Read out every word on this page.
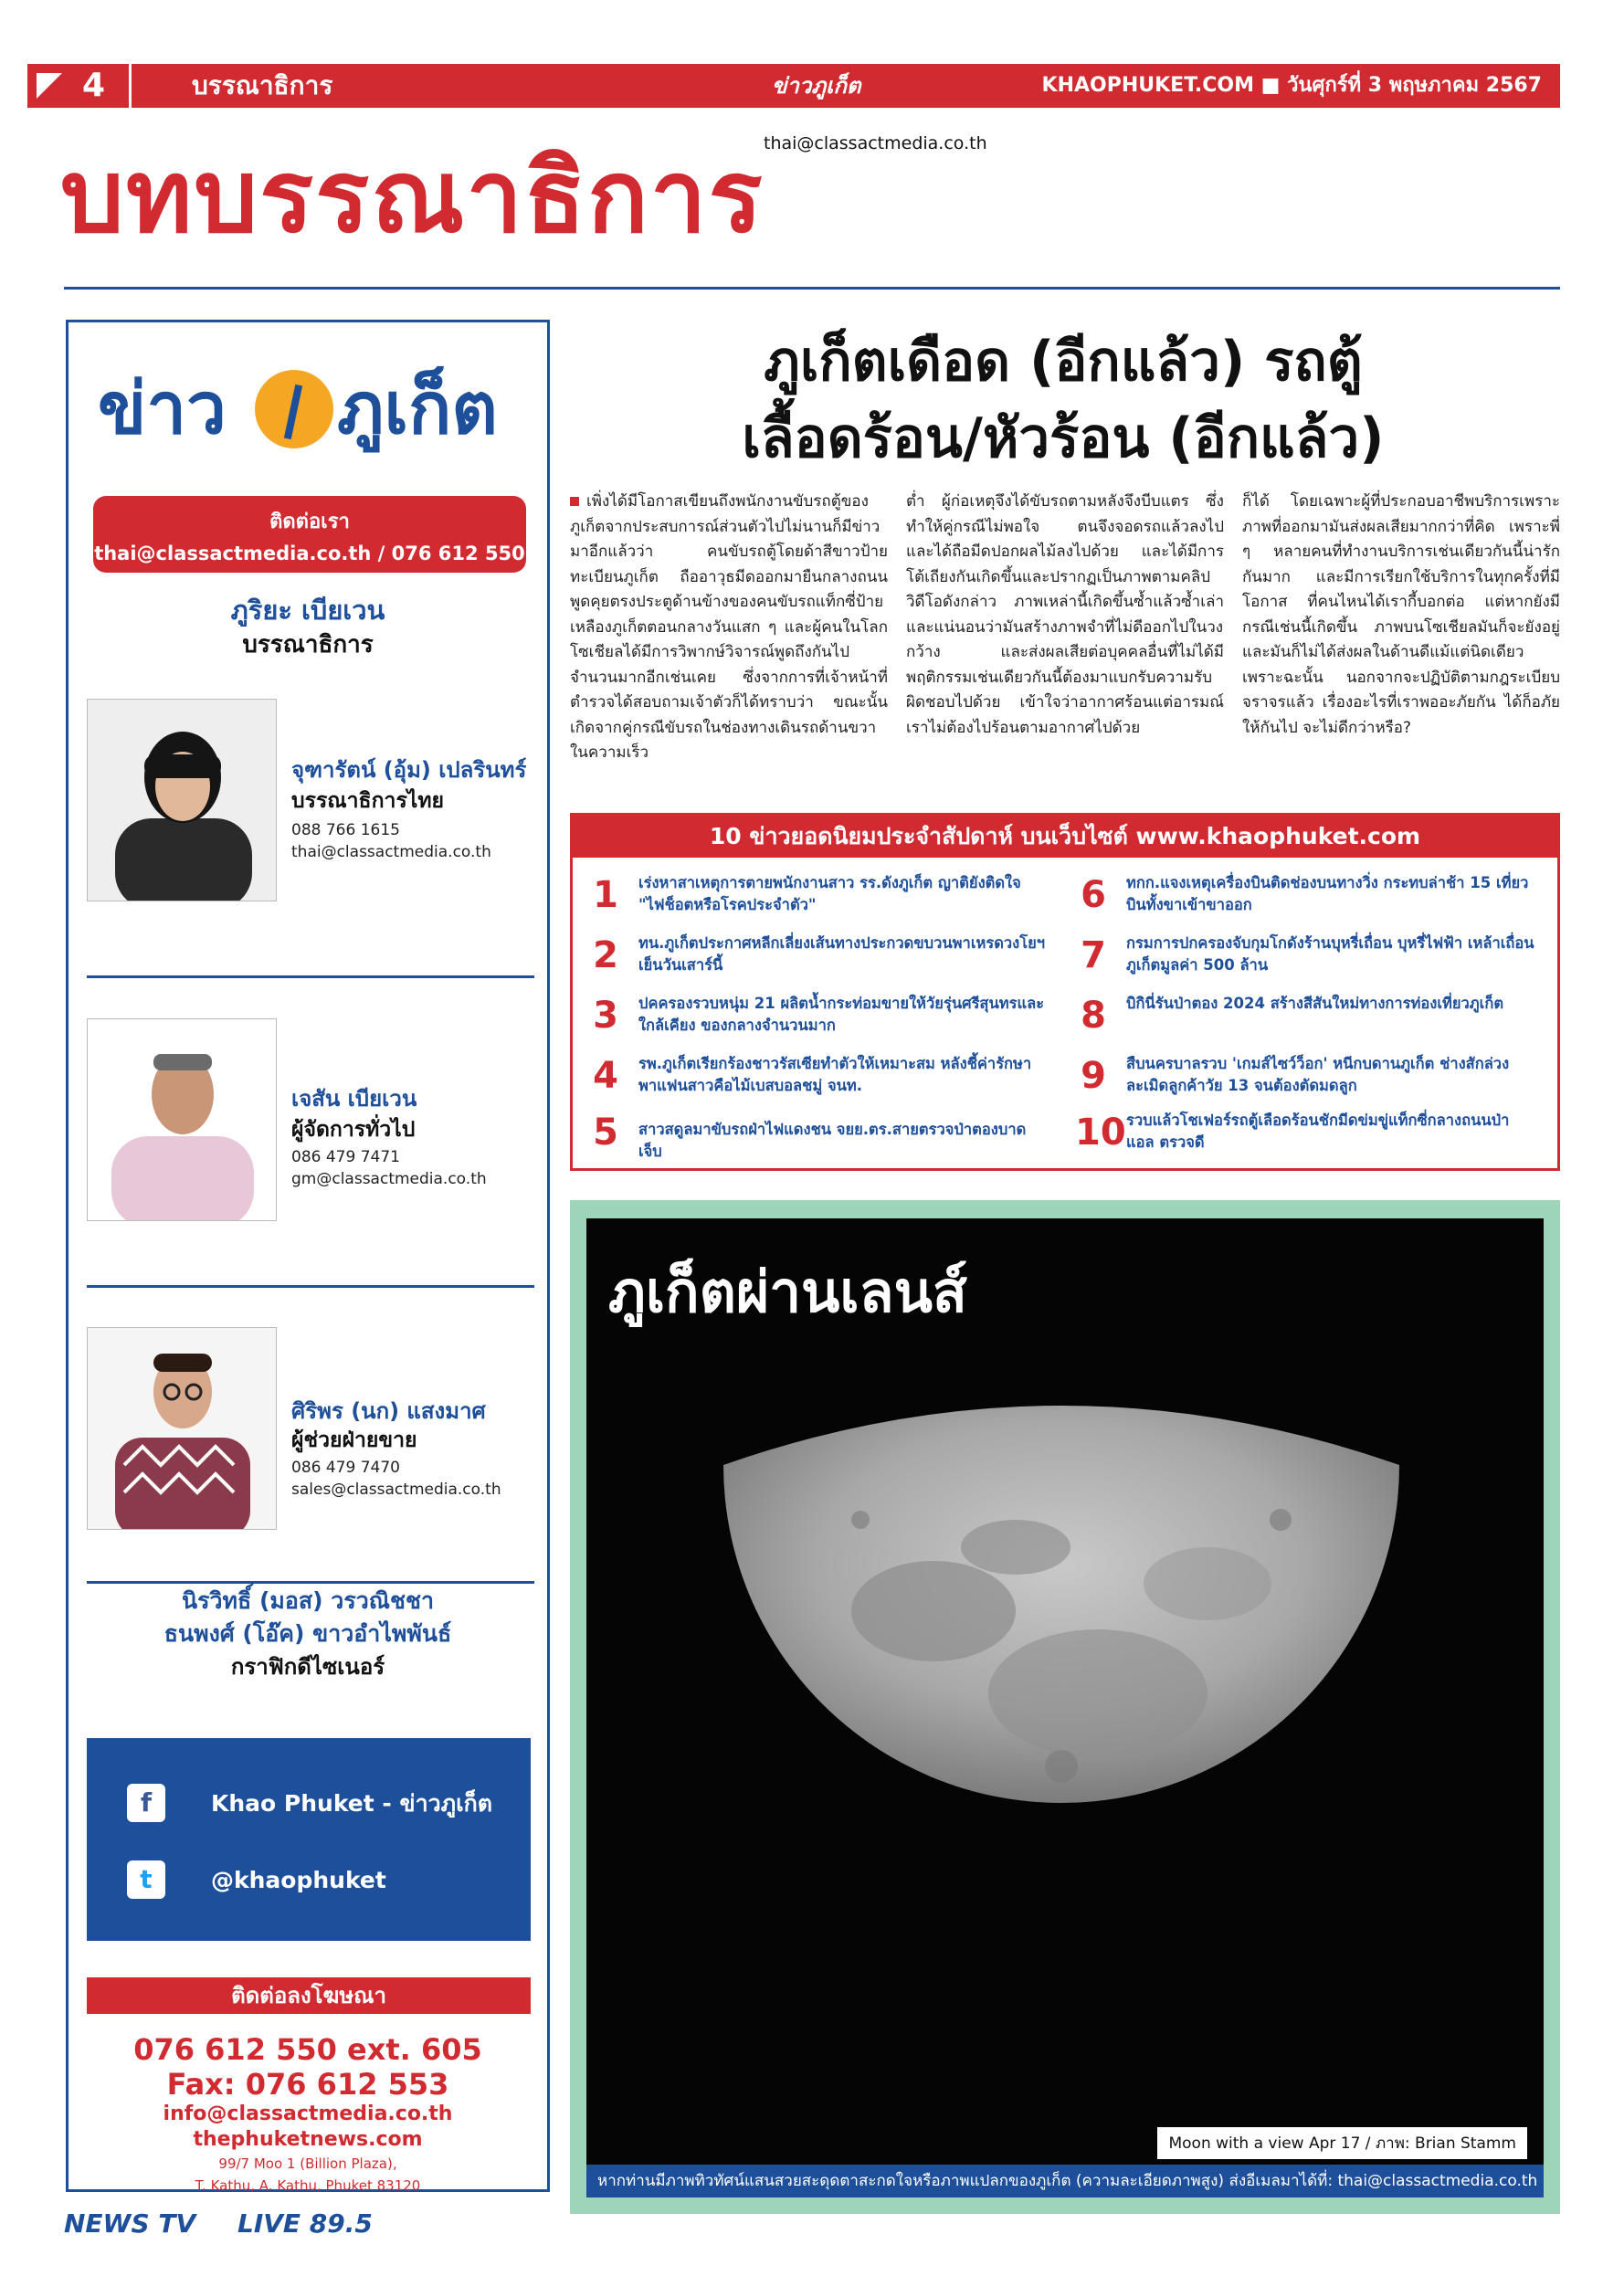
4	บรรณาธิการ	ข่าวภูเก็ต	KHAOPHUKET.COM ■ วันศุกร์ที่ 3 พฤษภาคม 2567
thai@classactmedia.co.th
บทบรรณาธิการ
ข่าว ภูเก็ต
ติดต่อเรา
thai@classactmedia.co.th / 076 612 550
ภูริยะ เบียเวน
บรรณาธิการ
จุฑารัตน์ (อุ้ม) เปลรินทร์
บรรณาธิการไทย
088 766 1615
thai@classactmedia.co.th
เจสัน เบียเวน
ผู้จัดการทั่วไป
086 479 7471
gm@classactmedia.co.th
ศิริพร (นก) แสงมาศ
ผู้ช่วยฝ่ายขาย
086 479 7470
sales@classactmedia.co.th
นิรวิทธิ์ (มอส) วรวณิชชา
ธนพงศ์ (โอ๊ค) ขาวอำไพพันธ์
กราฟิกดีไซเนอร์
f	Khao Phuket - ข่าวภูเก็ต
t	@khaophuket
ติดต่อลงโฆษณา
076 612 550 ext. 605
Fax: 076 612 553
info@classactmedia.co.th
thephuketnews.com
99/7 Moo 1 (Billion Plaza),
T. Kathu, A. Kathu, Phuket 83120
NEWS TV LIVE 89.5
ภูเก็ตเดือด (อีกแล้ว) รถตู้
เลื้อดร้อน/หัวร้อน (อีกแล้ว)
เพิ่งได้มีโอกาสเขียนถึงพนักงานขับรถตู้ของภูเก็ตจากประสบการณ์ส่วนตัวไปไม่นานก็มีข่าวมาอีกแล้วว่า คนขับรถตู้โดยด้าสีขาวป้ายทะเบียนภูเก็ต ถืออาวุธมีดออกมายืนกลางถนนพูดคุยตรงประตูด้านข้างของคนขับรถแท็กซี่ป้ายเหลืองภูเก็ตตอนกลางวันแสก ๆ และผู้คนในโลกโซเชียลได้มีการวิพากษ์วิจารณ์พูดถึงกันไปจำนวนมากอีกเช่นเคย ซึ่งจากการที่เจ้าหน้าที่ตำรวจได้สอบถามเจ้าตัวก็ได้ทราบว่า ขณะนั้นเกิดจากคู่กรณีขับรถในช่องทางเดินรถด้านขวาในความเร็ว
ต่ำ ผู้ก่อเหตุจึงได้ขับรถตามหลังจึงบีบแตร ซึ่งทำให้คู่กรณีไม่พอใจ ตนจึงจอดรถแล้วลงไป และได้ถือมีดปอกผลไม้ลงไปด้วย และได้มีการโต้เถียงกันเกิดขึ้นและปรากฏเป็นภาพตามคลิปวิดีโอดังกล่าว ภาพเหล่านี้เกิดขึ้นซ้ำแล้วซ้ำเล่า และแน่นอนว่ามันสร้างภาพจำที่ไม่ดีออกไปในวงกว้าง และส่งผลเสียต่อบุคคลอื่นที่ไม่ได้มีพฤติกรรมเช่นเดียวกันนี้ต้องมาแบกรับความรับผิดชอบไปด้วย เข้าใจว่าอากาศร้อนแต่อารมณ์เราไม่ต้องไปร้อนตามอากาศไปด้วย
ก็ได้ โดยเฉพาะผู้ที่ประกอบอาชีพบริการเพราะภาพที่ออกมามันส่งผลเสียมากกว่าที่คิด เพราะพี่ ๆ หลายคนที่ทำงานบริการเช่นเดียวกันนี้น่ารักกันมาก และมีการเรียกใช้บริการในทุกครั้งที่มีโอกาส ที่คนไหนได้เรากี้บอกต่อ แต่หากยังมีกรณีเช่นนี้เกิดขึ้น ภาพบนโซเชียลมันก็จะยังอยู่ และมันก็ไม่ได้ส่งผลในด้านดีแม้แต่นิดเดียว เพราะฉะนั้น นอกจากจะปฏิบัติตามกฎระเบียบจราจรแล้ว เรื่องอะไรที่เราพออะภัยกัน ได้ก็อภัยให้กันไป จะไม่ดีกว่าหรือ?
10 ข่าวยอดนิยมประจำสัปดาห์ บนเว็บไซต์ www.khaophuket.com
1	เร่งหาสาเหตุการตายพนักงานสาว รร.ดังภูเก็ต ญาติยังติดใจ "ไฟช็อตหรือโรคประจำตัว"
2	ทน.ภูเก็ตประกาศหลีกเลี่ยงเส้นทางประกวดขบวนพาเหรดวงโยฯ เย็นวันเสาร์นี้
3	ปคครองรวบหนุ่ม 21 ผลิตน้ำกระท่อมขายให้วัยรุ่นศรีสุนทรและใกล้เคียง ของกลางจำนวนมาก
4	รพ.ภูเก็ตเรียกร้องชาวรัสเซียทำตัวให้เหมาะสม หลังชี้ค่ารักษา พาแฟนสาวคือไม้เบสบอลชมู่ จนท.
5	สาวสดูลมาขับรถฝ่าไฟแดงชน จยย.ตร.สายตรวจป่าตองบาดเจ็บ
6	ทกก.แจงเหตุเครื่องบินติดช่องบนทางวิ่ง กระทบล่าช้า 15 เที่ยวบินทั้งขาเข้าขาออก
7	กรมการปกครองจับกุมโกดังร้านบุหรี่เถื่อน บุหรี่ไฟฟ้า เหล้าเถื่อนภูเก็ตมูลค่า 500 ล้าน
8	บิกินี่รันป่าตอง 2024 สร้างสีสันใหม่ทางการท่องเที่ยวภูเก็ต
9	สืบนครบาลรวบ 'เกมส์ไซว์ว็อก' หนีกบดานภูเก็ต ช่างสักล่วงละเมิดลูกค้าวัย 13 จนต้องตัดมดลูก
10 รวบแล้วโชเฟอร์รถตู้เลือดร้อนชักมีดข่มขู่แท็กซี่กลางถนนป่าแอล ตรวจดี
ภูเก็ตผ่านเลนส์
Moon with a view Apr 17 / ภาพ: Brian Stamm
หากท่านมีภาพทิวทัศน์แสนสวยสะดุดตาสะกดใจหรือภาพแปลกของภูเก็ต (ความละเอียดภาพสูง) ส่งอีเมลมาได้ที่: thai@classactmedia.co.th
